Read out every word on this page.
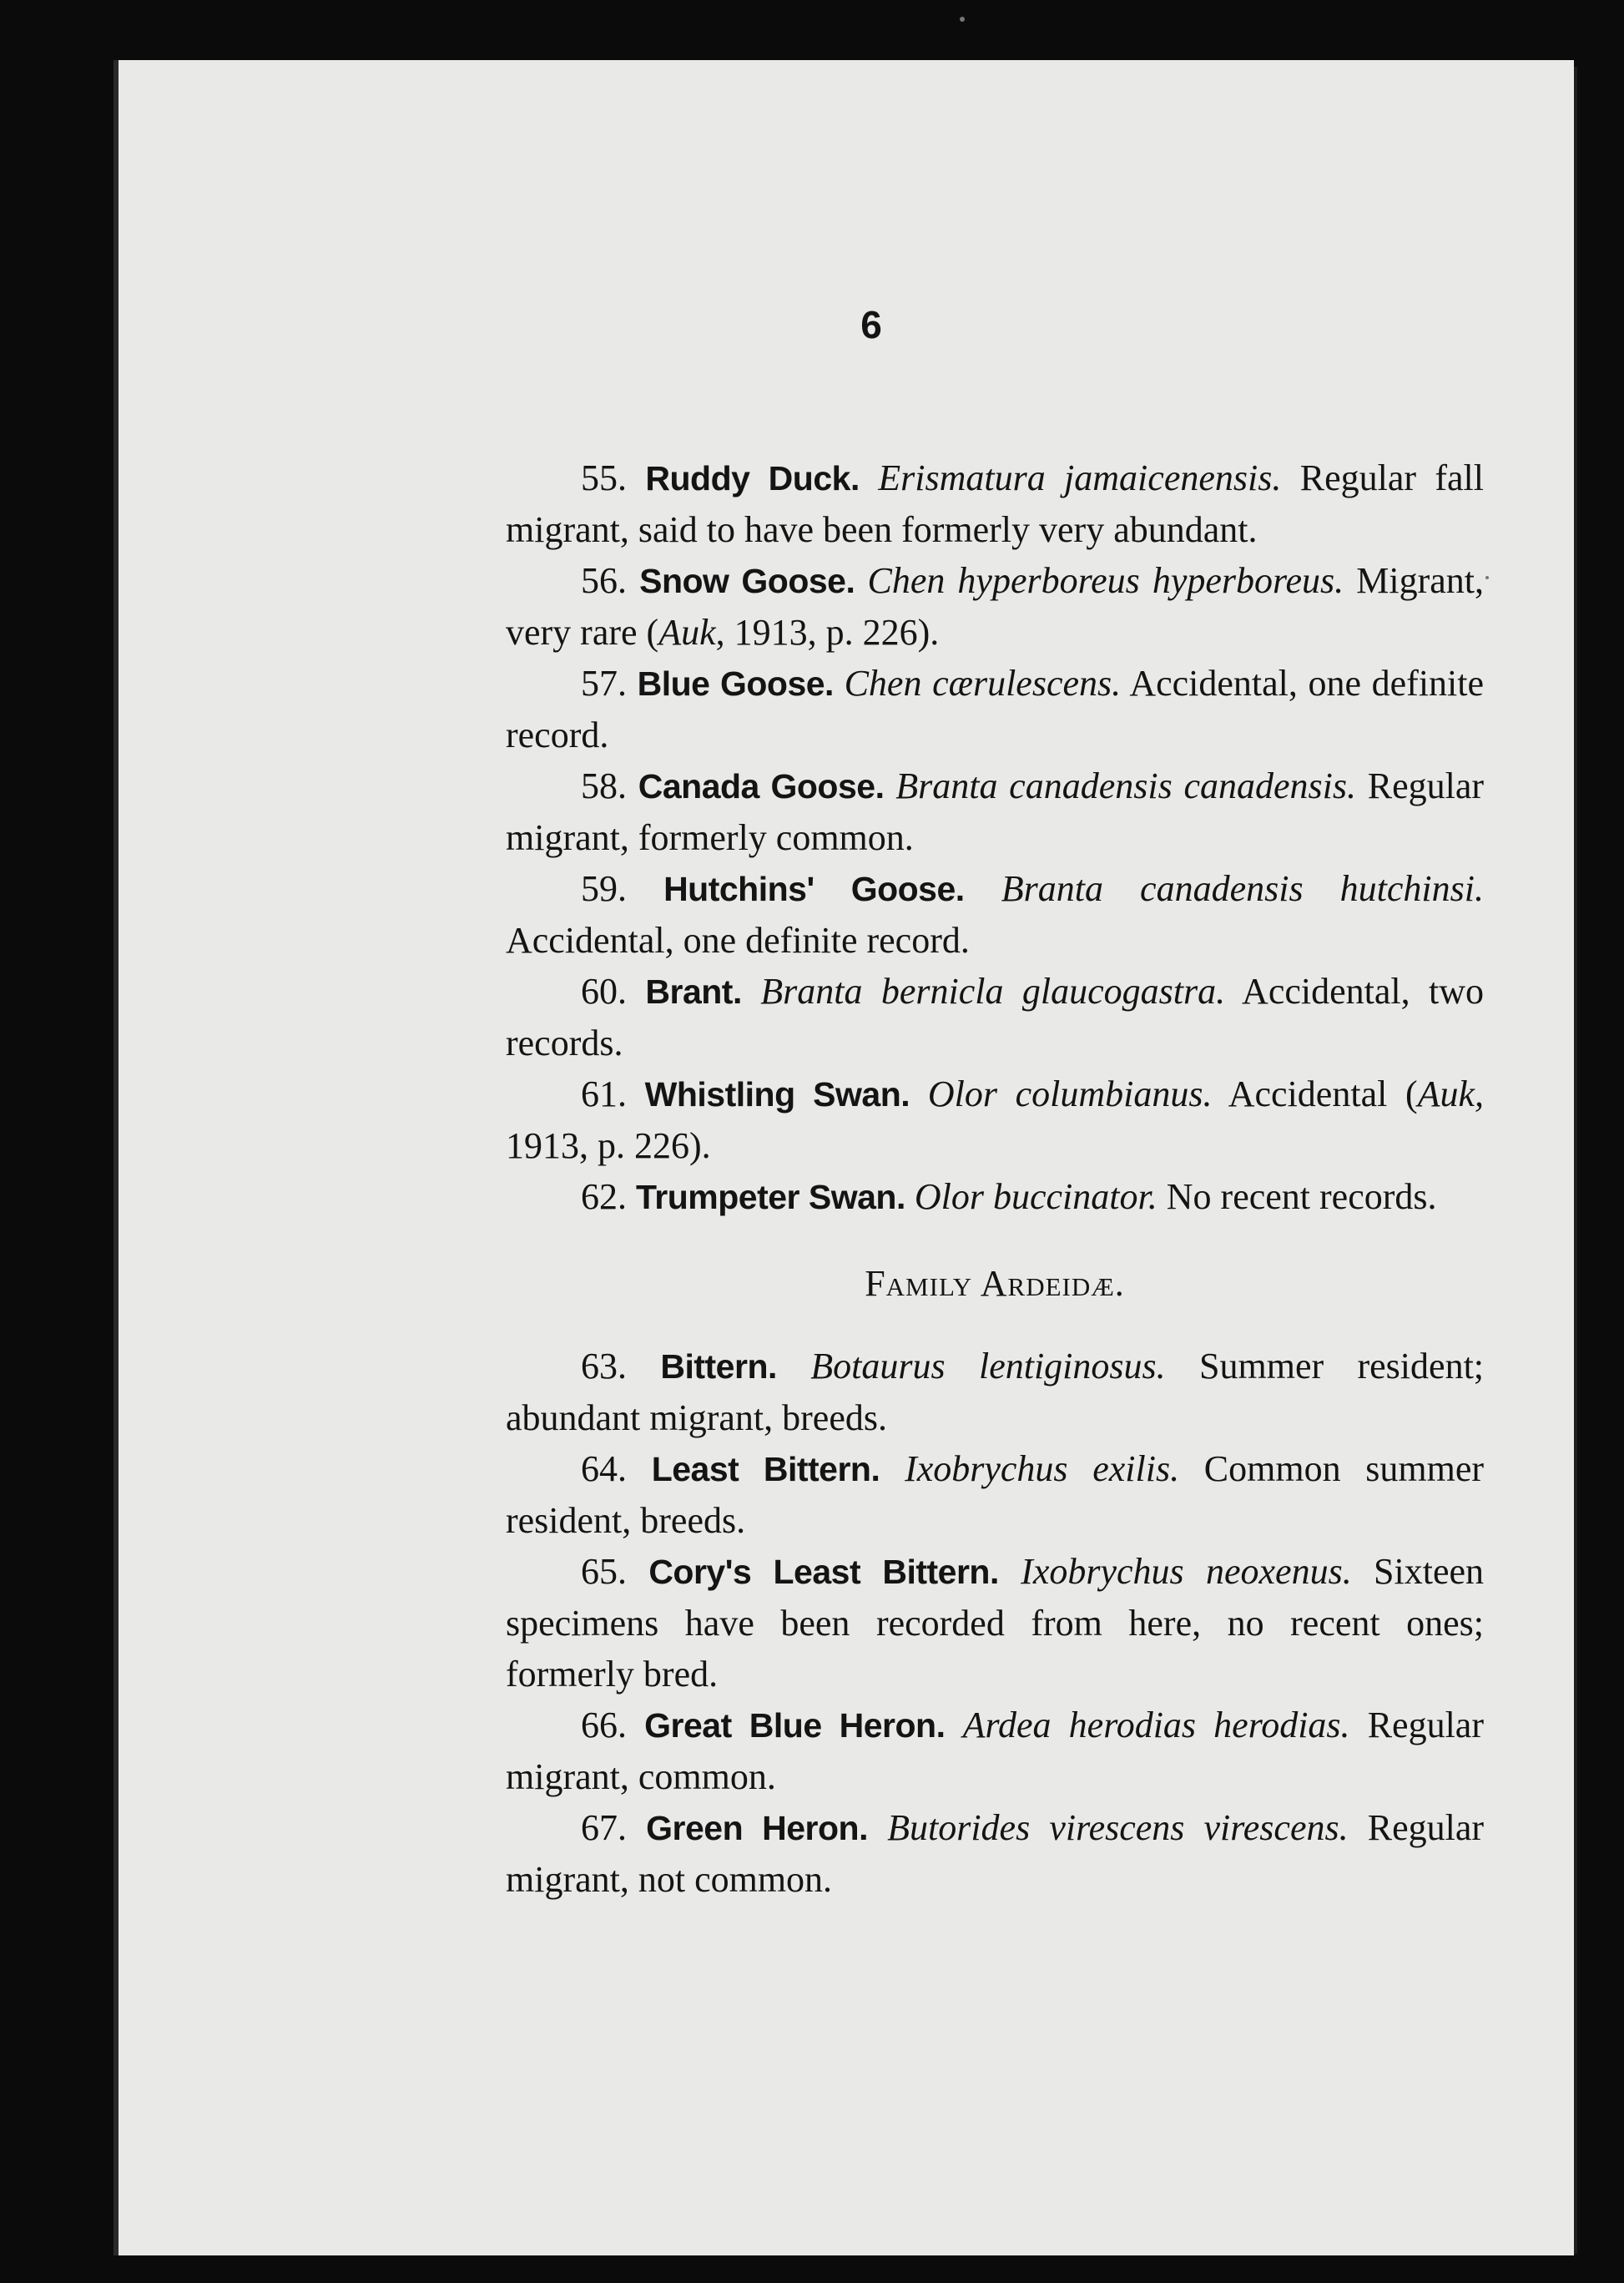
6

55. Ruddy Duck. Erismatura jamaicenensis. Regular fall migrant, said to have been formerly very abundant.

56. Snow Goose. Chen hyperboreus hyperboreus. Migrant, very rare (Auk, 1913, p. 226).

57. Blue Goose. Chen cærulescens. Accidental, one definite record.

58. Canada Goose. Branta canadensis canadensis. Regular migrant, formerly common.

59. Hutchins' Goose. Branta canadensis hutchinsi. Accidental, one definite record.

60. Brant. Branta bernicla glaucogastra. Accidental, two records.

61. Whistling Swan. Olor columbianus. Accidental (Auk, 1913, p. 226).

62. Trumpeter Swan. Olor buccinator. No recent records.

Family Ardeidæ.

63. Bittern. Botaurus lentiginosus. Summer resident; abundant migrant, breeds.

64. Least Bittern. Ixobrychus exilis. Common summer resident, breeds.

65. Cory's Least Bittern. Ixobrychus neoxenus. Sixteen specimens have been recorded from here, no recent ones; formerly bred.

66. Great Blue Heron. Ardea herodias herodias. Regular migrant, common.

67. Green Heron. Butorides virescens virescens. Regular migrant, not common.
